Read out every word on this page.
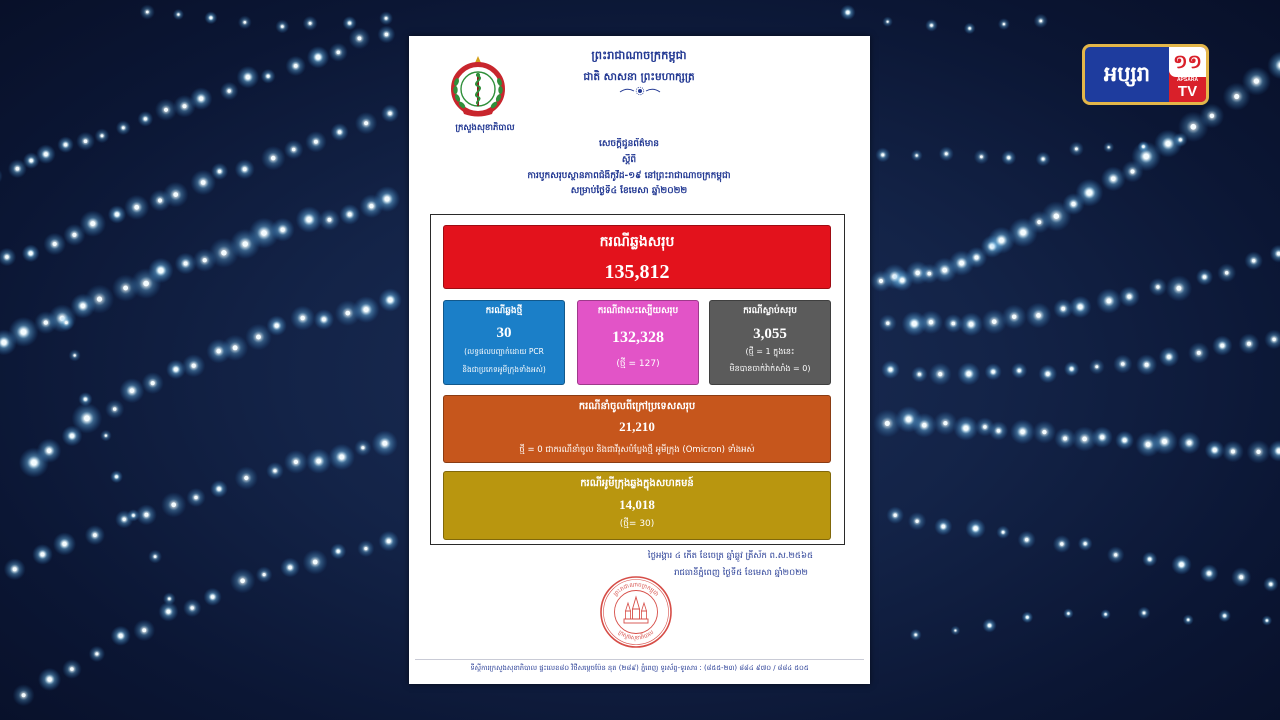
ក្រសួងសុខាភិបាល
ព្រះរាជាណាចក្រកម្ពុជា
ជាតិ សាសនា ព្រះមហាក្សត្រ
សេចក្ដីជូនព័ត៌មាន
ស្ដីពី
ការបូកសរុបស្ថានភាពជំងឺកូវីដ-១៩ នៅព្រះរាជាណាចក្រកម្ពុជា
សម្រាប់ថ្ងៃទី៤ ខែមេសា ឆ្នាំ២០២២
ករណីឆ្លងសរុប
135,812
ករណីឆ្លងថ្មី
30
(លទ្ធផលបញ្ជាក់ដោយ PCR
និងជាប្រភេទអូមីក្រុងទាំងអស់)
ករណីជាសះស្បើយសរុប
132,328
(ថ្មី = 127)
ករណីស្លាប់សរុប
3,055
(ថ្មី = 1 ក្នុងនេះ
មិនបានចាក់វ៉ាក់សាំង = 0)
ករណីនាំចូលពីក្រៅប្រទេសសរុប
21,210
ថ្មី = 0 ជាករណីនាំចូល និងជាវីរុសបំប្លែងថ្មី អូមីក្រុង (Omicron) ទាំងអស់
ករណីអូមីក្រុងឆ្លងក្នុងសហគមន៍
14,018
(ថ្មី= 30)
ថ្ងៃអង្គារ ៤ កើត ខែចេត្រ ឆ្នាំឆ្លូវ ត្រីស័ក ព.ស.២៥៦៥
រាជធានីភ្នំពេញ ថ្ងៃទី៥ ខែមេសា ឆ្នាំ២០២២
ព្រះរាជាណាចក្រកម្ពុជា
ក្រសួងសុខាភិបាល
ទីស្ដីការក្រសួងសុខាភិបាល ផ្ទះលេខ៨០ វិថីសម្ដេចប៉ែន នុត (២៨៩) ភ្នំពេញ ទូរស័ព្ទ-ទូរសារ : (៨៥៥-២៣) ៨៨៤ ៩៧០ / ៨៨៤ ៥០៥
អប្សរា	១១
APSARA
TV
